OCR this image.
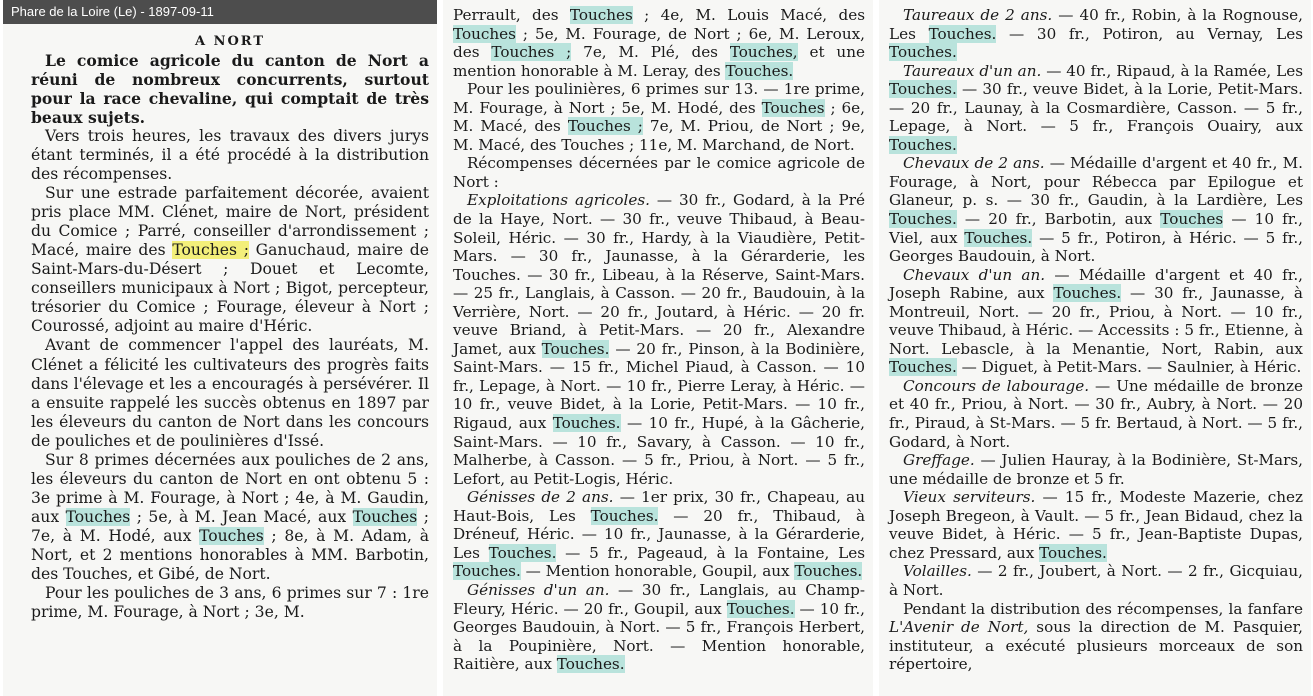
Phare de la Loire (Le) - 1897-09-11
A NORT

Le comice agricole du canton de Nort a réuni de nombreux concurrents, surtout pour la race chevaline, qui comptait de très beaux sujets.

Vers trois heures, les travaux des divers jurys étant terminés, il a été procédé à la distribution des récompenses.

Sur une estrade parfaitement décorée, avaient pris place MM. Clénet, maire de Nort, président du Comice ; Parré, conseiller d'arrondissement ; Macé, maire des Touches ; Ganuchaud, maire de Saint-Mars-du-Désert ; Douet et Lecomte, conseillers municipaux à Nort ; Bigot, percepteur, trésorier du Comice ; Fourage, éleveur à Nort ; Courossé, adjoint au maire d'Héric.

Avant de commencer l'appel des lauréats, M. Clénet a félicité les cultivateurs des progrès faits dans l'élevage et les a encouragés à persévérer. Il a ensuite rappelé les succès obtenus en 1897 par les éleveurs du canton de Nort dans les concours de pouliches et de poulinières d'Issé.

Sur 8 primes décernées aux pouliches de 2 ans, les éleveurs du canton de Nort en ont obtenu 5 : 3e prime à M. Fourage, à Nort ; 4e, à M. Gaudin, aux Touches ; 5e, à M. Jean Macé, aux Touches ; 7e, à M. Hodé, aux Touches ; 8e, à M. Adam, à Nort, et 2 mentions honorables à MM. Barbotin, des Touches, et Gibé, de Nort.

Pour les pouliches de 3 ans, 6 primes sur 7 : 1re prime, M. Fourage, à Nort ; 3e, M.

Perrault, des Touches ; 4e, M. Louis Macé, des Touches ; 5e, M. Fourage, de Nort ; 6e, M. Leroux, des Touches ; 7e, M. Plé, des Touches, et une mention honorable à M. Leray, des Touches.

Pour les poulinières, 6 primes sur 13. — 1re prime, M. Fourage, à Nort ; 5e, M. Hodé, des Touches ; 6e, M. Macé, des Touches ; 7e, M. Priou, de Nort ; 9e, M. Macé, des Touches ; 11e, M. Marchand, de Nort.

Récompenses décernées par le comice agricole de Nort :

Exploitations agricoles. — 30 fr., Godard, à la Pré de la Haye, Nort. — 30 fr., veuve Thibaud, à Beau-Soleil, Héric. — 30 fr., Hardy, à la Viaudière, Petit-Mars. — 30 fr., Jaunasse, à la Gérarderie, les Touches. — 30 fr., Libeau, à la Réserve, Saint-Mars. — 25 fr., Langlais, à Casson. — 20 fr., Baudouin, à la Verrière, Nort. — 20 fr., Joutard, à Héric. — 20 fr. veuve Briand, à Petit-Mars. — 20 fr., Alexandre Jamet, aux Touches. — 20 fr., Pinson, à la Bodinière, Saint-Mars. — 15 fr., Michel Piaud, à Casson. — 10 fr., Lepage, à Nort. — 10 fr., Pierre Leray, à Héric. — 10 fr., veuve Bidet, à la Lorie, Petit-Mars. — 10 fr., Rigaud, aux Touches. — 10 fr., Hupé, à la Gâcherie, Saint-Mars. — 10 fr., Savary, à Casson. — 10 fr., Malherbe, à Casson. — 5 fr., Priou, à Nort. — 5 fr., Lefort, au Petit-Logis, Héric.

Génisses de 2 ans. — 1er prix, 30 fr., Chapeau, au Haut-Bois, Les Touches. — 20 fr., Thibaud, à Dréneuf, Héric. — 10 fr., Jaunasse, à la Gérarderie, Les Touches. — 5 fr., Pageaud, à la Fontaine, Les Touches. — Mention honorable, Goupil, aux Touches.

Génisses d'un an. — 30 fr., Langlais, au Champ-Fleury, Héric. — 20 fr., Goupil, aux Touches. — 10 fr., Georges Baudouin, à Nort. — 5 fr., François Herbert, à la Poupinière, Nort. — Mention honorable, Raitière, aux Touches.

Taureaux de 2 ans. — 40 fr., Robin, à la Rognouse, Les Touches. — 30 fr., Potiron, au Vernay, Les Touches.

Taureaux d'un an. — 40 fr., Ripaud, à la Ramée, Les Touches. — 30 fr., veuve Bidet, à la Lorie, Petit-Mars. — 20 fr., Launay, à la Cosmardière, Casson. — 5 fr., Lepage, à Nort. — 5 fr., François Ouairy, aux Touches.

Chevaux de 2 ans. — Médaille d'argent et 40 fr., M. Fourage, à Nort, pour Rébecca par Epilogue et Glaneur, p. s. — 30 fr., Gaudin, à la Lardière, Les Touches. — 20 fr., Barbotin, aux Touches — 10 fr., Viel, aux Touches. — 5 fr., Potiron, à Héric. — 5 fr., Georges Baudouin, à Nort.

Chevaux d'un an. — Médaille d'argent et 40 fr., Joseph Rabine, aux Touches. — 30 fr., Jaunasse, à Montreuil, Nort. — 20 fr., Priou, à Nort. — 10 fr., veuve Thibaud, à Héric. — Accessits : 5 fr., Etienne, à Nort. Lebascle, à la Menantie, Nort, Rabin, aux Touches. — Diguet, à Petit-Mars. — Saulnier, à Héric.

Concours de labourage. — Une médaille de bronze et 40 fr., Priou, à Nort. — 30 fr., Aubry, à Nort. — 20 fr., Piraud, à St-Mars. — 5 fr. Bertaud, à Nort. — 5 fr., Godard, à Nort.

Greffage. — Julien Hauray, à la Bodinière, St-Mars, une médaille de bronze et 5 fr.

Vieux serviteurs. — 15 fr., Modeste Mazerie, chez Joseph Bregeon, à Vault. — 5 fr., Jean Bidaud, chez la veuve Bidet, à Héric. — 5 fr., Jean-Baptiste Dupas, chez Pressard, aux Touches.

Volailles. — 2 fr., Joubert, à Nort. — 2 fr., Gicquiau, à Nort.

Pendant la distribution des récompenses, la fanfare L'Avenir de Nort, sous la direction de M. Pasquier, instituteur, a exécuté plusieurs morceaux de son répertoire,
